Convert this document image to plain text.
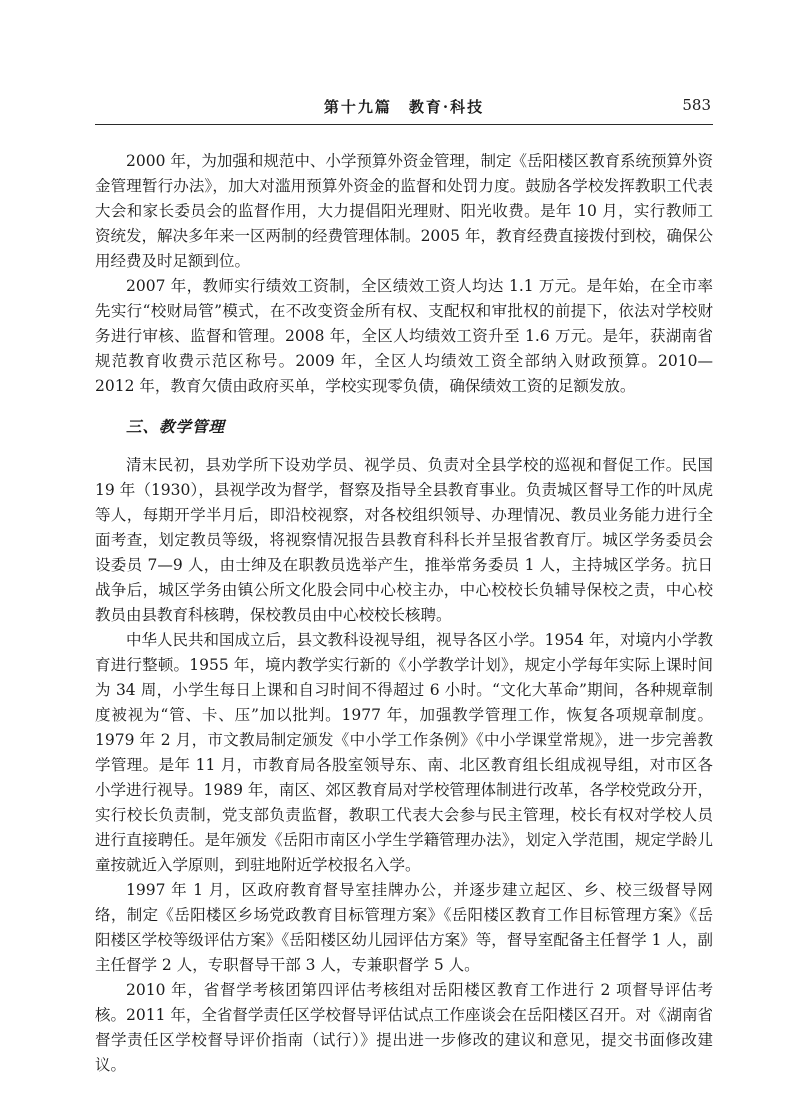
第十九篇　教育·科技	583

2000 年，为加强和规范中、小学预算外资金管理，制定《岳阳楼区教育系统预算外资金管理暂行办法》，加大对滥用预算外资金的监督和处罚力度。鼓励各学校发挥教职工代表大会和家长委员会的监督作用，大力提倡阳光理财、阳光收费。是年 10 月，实行教师工资统发，解决多年来一区两制的经费管理体制。2005 年，教育经费直接拨付到校，确保公用经费及时足额到位。

2007 年，教师实行绩效工资制，全区绩效工资人均达 1.1 万元。是年始，在全市率先实行“校财局管”模式，在不改变资金所有权、支配权和审批权的前提下，依法对学校财务进行审核、监督和管理。2008 年，全区人均绩效工资升至 1.6 万元。是年，获湖南省规范教育收费示范区称号。2009 年，全区人均绩效工资全部纳入财政预算。2010—2012 年，教育欠债由政府买单，学校实现零负债，确保绩效工资的足额发放。

三、教学管理

清末民初，县劝学所下设劝学员、视学员、负责对全县学校的巡视和督促工作。民国 19 年（1930），县视学改为督学，督察及指导全县教育事业。负责城区督导工作的叶凤虎等人，每期开学半月后，即沿校视察，对各校组织领导、办理情况、教员业务能力进行全面考查，划定教员等级，将视察情况报告县教育科科长并呈报省教育厅。城区学务委员会设委员 7—9 人，由士绅及在职教员选举产生，推举常务委员 1 人，主持城区学务。抗日战争后，城区学务由镇公所文化股会同中心校主办，中心校校长负辅导保校之责，中心校教员由县教育科核聘，保校教员由中心校校长核聘。

中华人民共和国成立后，县文教科设视导组，视导各区小学。1954 年，对境内小学教育进行整顿。1955 年，境内教学实行新的《小学教学计划》，规定小学每年实际上课时间为 34 周，小学生每日上课和自习时间不得超过 6 小时。“文化大革命”期间，各种规章制度被视为“管、卡、压”加以批判。1977 年，加强教学管理工作，恢复各项规章制度。1979 年 2 月，市文教局制定颁发《中小学工作条例》《中小学课堂常规》，进一步完善教学管理。是年 11 月，市教育局各股室领导东、南、北区教育组长组成视导组，对市区各小学进行视导。1989 年，南区、郊区教育局对学校管理体制进行改革，各学校党政分开，实行校长负责制，党支部负责监督，教职工代表大会参与民主管理，校长有权对学校人员进行直接聘任。是年颁发《岳阳市南区小学生学籍管理办法》，划定入学范围，规定学龄儿童按就近入学原则，到驻地附近学校报名入学。

1997 年 1 月，区政府教育督导室挂牌办公，并逐步建立起区、乡、校三级督导网络，制定《岳阳楼区乡场党政教育目标管理方案》《岳阳楼区教育工作目标管理方案》《岳阳楼区学校等级评估方案》《岳阳楼区幼儿园评估方案》等，督导室配备主任督学 1 人，副主任督学 2 人，专职督导干部 3 人，专兼职督学 5 人。

2010 年，省督学考核团第四评估考核组对岳阳楼区教育工作进行 2 项督导评估考核。2011 年，全省督学责任区学校督导评估试点工作座谈会在岳阳楼区召开。对《湖南省督学责任区学校督导评价指南（试行）》提出进一步修改的建议和意见，提交书面修改建议。
